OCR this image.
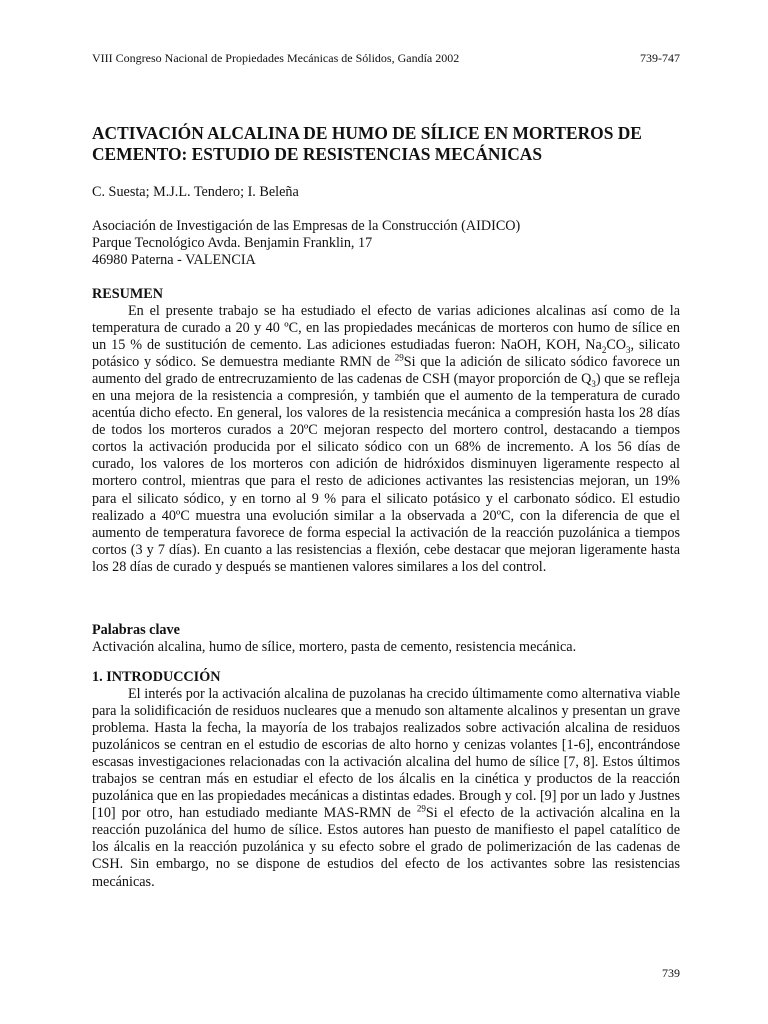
VIII Congreso Nacional de Propiedades Mecánicas de Sólidos, Gandía 2002	739-747
ACTIVACIÓN ALCALINA DE HUMO DE SÍLICE EN MORTEROS DE CEMENTO: ESTUDIO DE RESISTENCIAS MECÁNICAS
C. Suesta; M.J.L. Tendero; I. Beleña
Asociación de Investigación de las Empresas de la Construcción (AIDICO)
Parque Tecnológico Avda. Benjamin Franklin, 17
46980 Paterna - VALENCIA
RESUMEN

En el presente trabajo se ha estudiado el efecto de varias adiciones alcalinas así como de la temperatura de curado a 20 y 40 ºC, en las propiedades mecánicas de morteros con humo de sílice en un 15 % de sustitución de cemento. Las adiciones estudiadas fueron: NaOH, KOH, $Na_2CO_3$, silicato potásico y sódico. Se demuestra mediante RMN de $^{29}$Si que la adición de silicato sódico favorece un aumento del grado de entrecruzamiento de las cadenas de CSH (mayor proporción de $Q_3$) que se refleja en una mejora de la resistencia a compresión, y también que el aumento de la temperatura de curado acentúa dicho efecto. En general, los valores de la resistencia mecánica a compresión hasta los 28 días de todos los morteros curados a 20ºC mejoran respecto del mortero control, destacando a tiempos cortos la activación producida por el silicato sódico con un 68% de incremento. A los 56 días de curado, los valores de los morteros con adición de hidróxidos disminuyen ligeramente respecto al mortero control, mientras que para el resto de adiciones activantes las resistencias mejoran, un 19% para el silicato sódico, y en torno al 9 % para el silicato potásico y el carbonato sódico. El estudio realizado a 40ºC muestra una evolución similar a la observada a 20ºC, con la diferencia de que el aumento de temperatura favorece de forma especial la activación de la reacción puzolánica a tiempos cortos (3 y 7 días). En cuanto a las resistencias a flexión, cebe destacar que mejoran ligeramente hasta los 28 días de curado y después se mantienen valores similares a los del control.

Palabras clave

Activación alcalina, humo de sílice, mortero, pasta de cemento, resistencia mecánica.

1. INTRODUCCIÓN

El interés por la activación alcalina de puzolanas ha crecido últimamente como alternativa viable para la solidificación de residuos nucleares que a menudo son altamente alcalinos y presentan un grave problema. Hasta la fecha, la mayoría de los trabajos realizados sobre activación alcalina de residuos puzolánicos se centran en el estudio de escorias de alto horno y cenizas volantes [1-6], encontrándose escasas investigaciones relacionadas con la activación alcalina del humo de sílice [7, 8]. Estos últimos trabajos se centran más en estudiar el efecto de los álcalis en la cinética y productos de la reacción puzolánica que en las propiedades mecánicas a distintas edades. Brough y col. [9] por un lado y Justnes [10] por otro, han estudiado mediante MAS-RMN de $^{29}$Si el efecto de la activación alcalina en la reacción puzolánica del humo de sílice. Estos autores han puesto de manifiesto el papel catalítico de los álcalis en la reacción puzolánica y su efecto sobre el grado de polimerización de las cadenas de CSH. Sin embargo, no se dispone de estudios del efecto de los activantes sobre las resistencias mecánicas.

739
